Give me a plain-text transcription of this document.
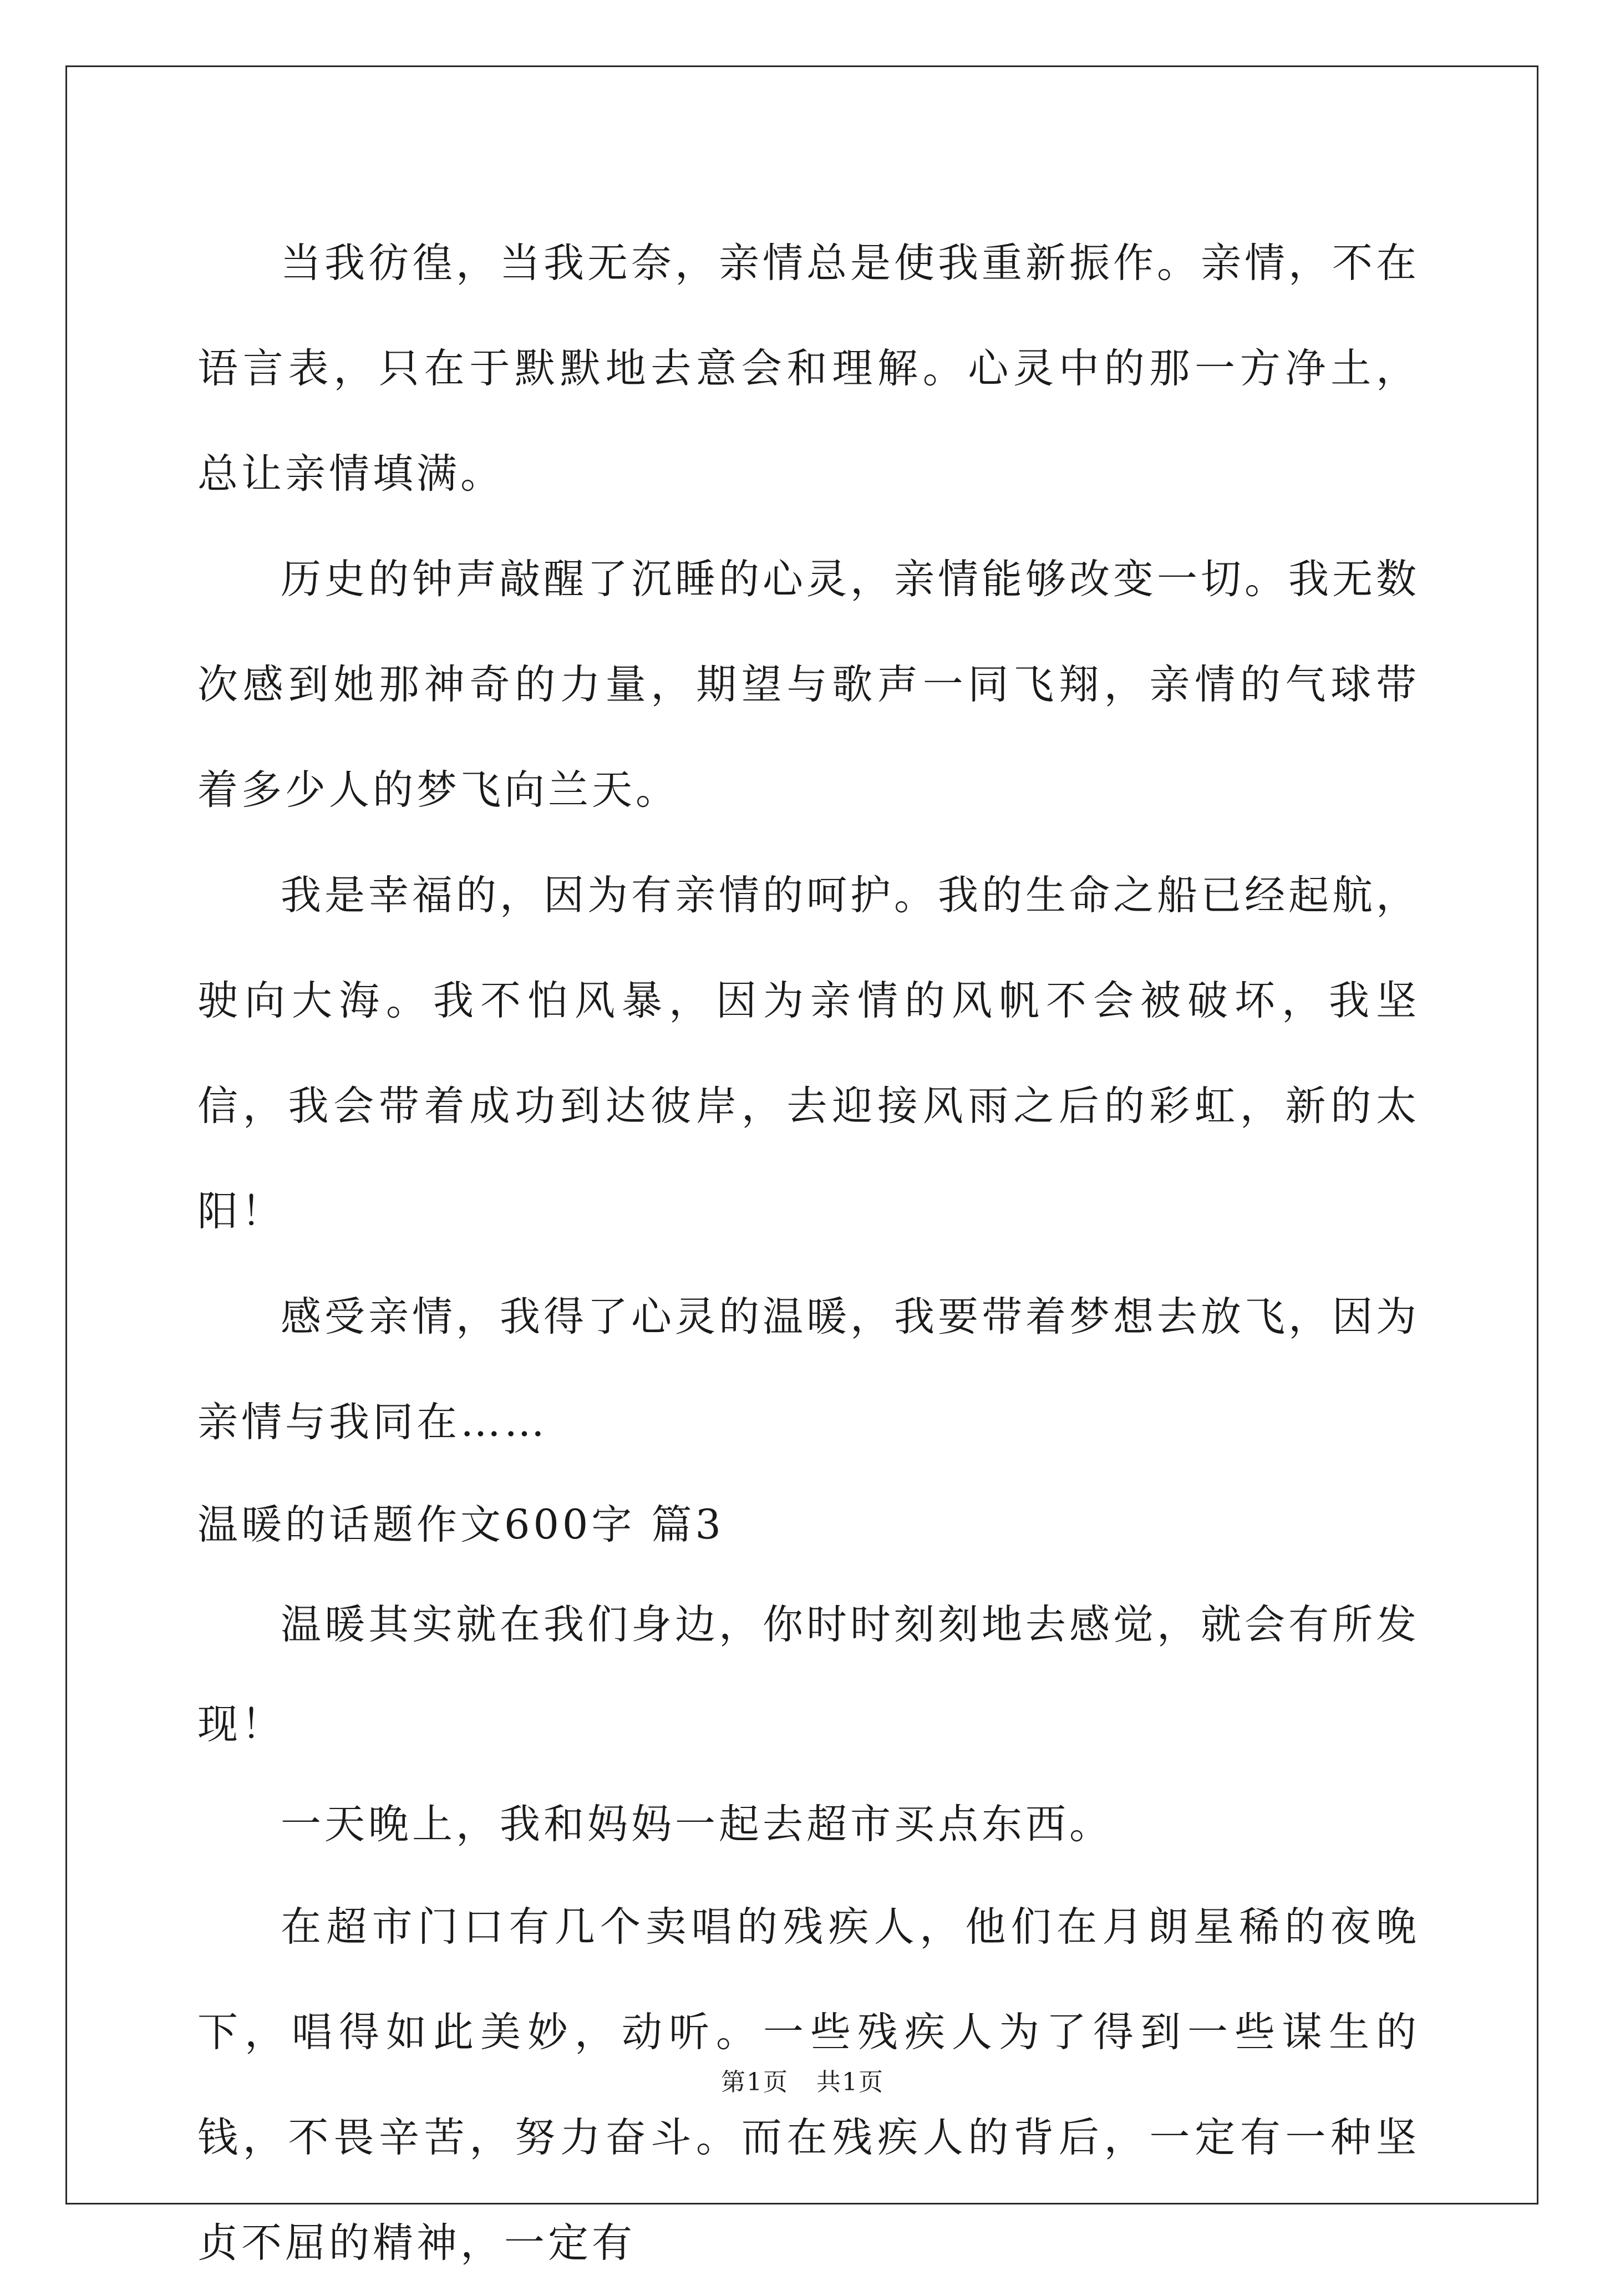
当我彷徨，当我无奈，亲情总是使我重新振作。亲情，不在语言表，只在于默默地去意会和理解。心灵中的那一方净土，总让亲情填满。

历史的钟声敲醒了沉睡的心灵，亲情能够改变一切。我无数次感到她那神奇的力量，期望与歌声一同飞翔，亲情的气球带着多少人的梦飞向兰天。

我是幸福的，因为有亲情的呵护。我的生命之船已经起航，驶向大海。我不怕风暴，因为亲情的风帆不会被破坏，我坚信，我会带着成功到达彼岸，去迎接风雨之后的彩虹，新的太阳！

感受亲情，我得了心灵的温暖，我要带着梦想去放飞，因为亲情与我同在……

温暖的话题作文600字 篇3

温暖其实就在我们身边，你时时刻刻地去感觉，就会有所发现！

一天晚上，我和妈妈一起去超市买点东西。

在超市门口有几个卖唱的残疾人，他们在月朗星稀的夜晚下，唱得如此美妙，动听。一些残疾人为了得到一些谋生的钱，不畏辛苦，努力奋斗。而在残疾人的背后，一定有一种坚贞不屈的精神，一定有

第1页 共1页
